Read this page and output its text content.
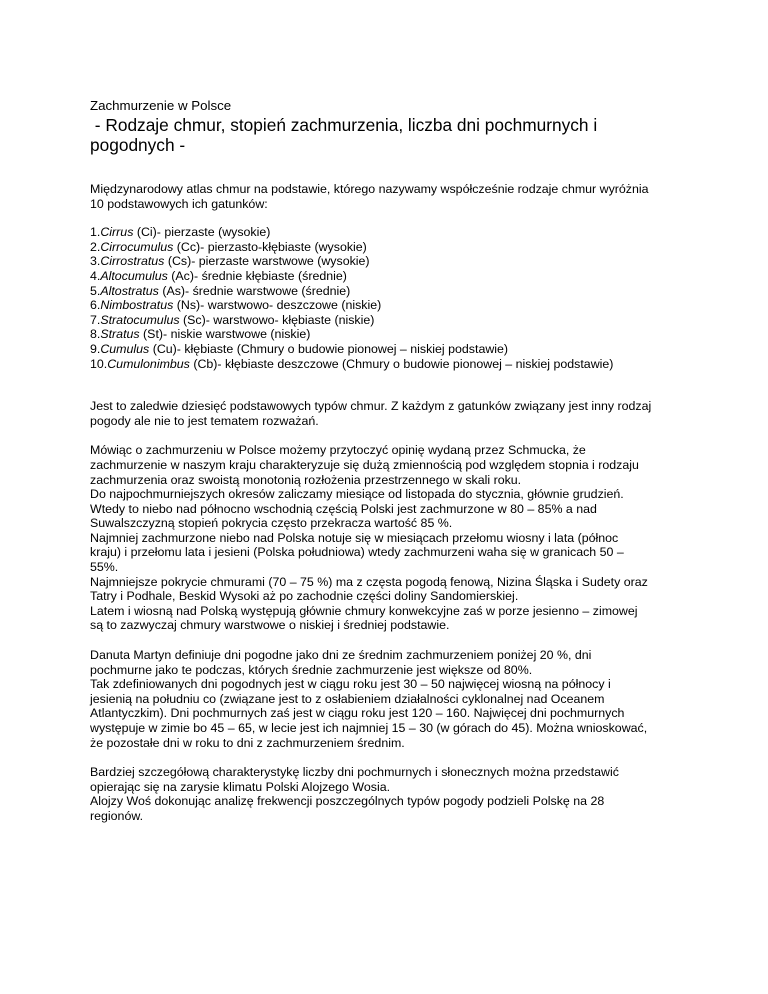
Zachmurzenie w Polsce
- Rodzaje chmur, stopień zachmurzenia, liczba dni pochmurnych i
pogodnych -

Międzynarodowy atlas chmur na podstawie, którego nazywamy współcześnie rodzaje chmur wyróżnia
10 podstawowych ich gatunków:

1.Cirrus (Ci)- pierzaste (wysokie)
2.Cirrocumulus (Cc)- pierzasto-kłębiaste (wysokie)
3.Cirrostratus (Cs)- pierzaste warstwowe (wysokie)
4.Altocumulus (Ac)- średnie kłębiaste (średnie)
5.Altostratus (As)- średnie warstwowe (średnie)
6.Nimbostratus (Ns)- warstwowo- deszczowe (niskie)
7.Stratocumulus (Sc)- warstwowo- kłębiaste (niskie)
8.Stratus (St)- niskie warstwowe (niskie)
9.Cumulus (Cu)- kłębiaste (Chmury o budowie pionowej – niskiej podstawie)
10.Cumulonimbus (Cb)- kłębiaste deszczowe (Chmury o budowie pionowej – niskiej podstawie)

Jest to zaledwie dziesięć podstawowych typów chmur. Z każdym z gatunków związany jest inny rodzaj
pogody ale nie to jest tematem rozważań.

Mówiąc o zachmurzeniu w Polsce możemy przytoczyć opinię wydaną przez Schmucka, że
zachmurzenie w naszym kraju charakteryzuje się dużą zmiennością pod względem stopnia i rodzaju
zachmurzenia oraz swoistą monotonią rozłożenia przestrzennego w skali roku.
Do najpochmurniejszych okresów zaliczamy miesiące od listopada do stycznia, głównie grudzień.
Wtedy to niebo nad północno wschodnią częścią Polski jest zachmurzone w 80 – 85% a nad
Suwalszczyzną stopień pokrycia często przekracza wartość 85 %.
Najmniej zachmurzone niebo nad Polska notuje się w miesiącach przełomu wiosny i lata (północ
kraju) i przełomu lata i jesieni (Polska południowa) wtedy zachmurzeni waha się w granicach 50 –
55%.
Najmniejsze pokrycie chmurami (70 – 75 %) ma z częsta pogodą fenową, Nizina Śląska i Sudety oraz
Tatry i Podhale, Beskid Wysoki aż po zachodnie części doliny Sandomierskiej.
Latem i wiosną nad Polską występują głównie chmury konwekcyjne zaś w porze jesienno – zimowej
są to zazwyczaj chmury warstwowe o niskiej i średniej podstawie.

Danuta Martyn definiuje dni pogodne jako dni ze średnim zachmurzeniem poniżej 20 %, dni
pochmurne jako te podczas, których średnie zachmurzenie jest większe od 80%.
Tak zdefiniowanych dni pogodnych jest w ciągu roku jest 30 – 50 najwięcej wiosną na północy i
jesienią na południu co (związane jest to z osłabieniem działalności cyklonalnej nad Oceanem
Atlantyczkim). Dni pochmurnych zaś jest w ciągu roku jest 120 – 160. Najwięcej dni pochmurnych
występuje w zimie bo 45 – 65, w lecie jest ich najmniej 15 – 30 (w górach do 45). Można wnioskować,
że pozostałe dni w roku to dni z zachmurzeniem średnim.

Bardziej szczegółową charakterystykę liczby dni pochmurnych i słonecznych można przedstawić
opierając się na zarysie klimatu Polski Alojzego Wosia.
Alojzy Woś dokonując analizę frekwencji poszczególnych typów pogody podzieli Polskę na 28
regionów.
